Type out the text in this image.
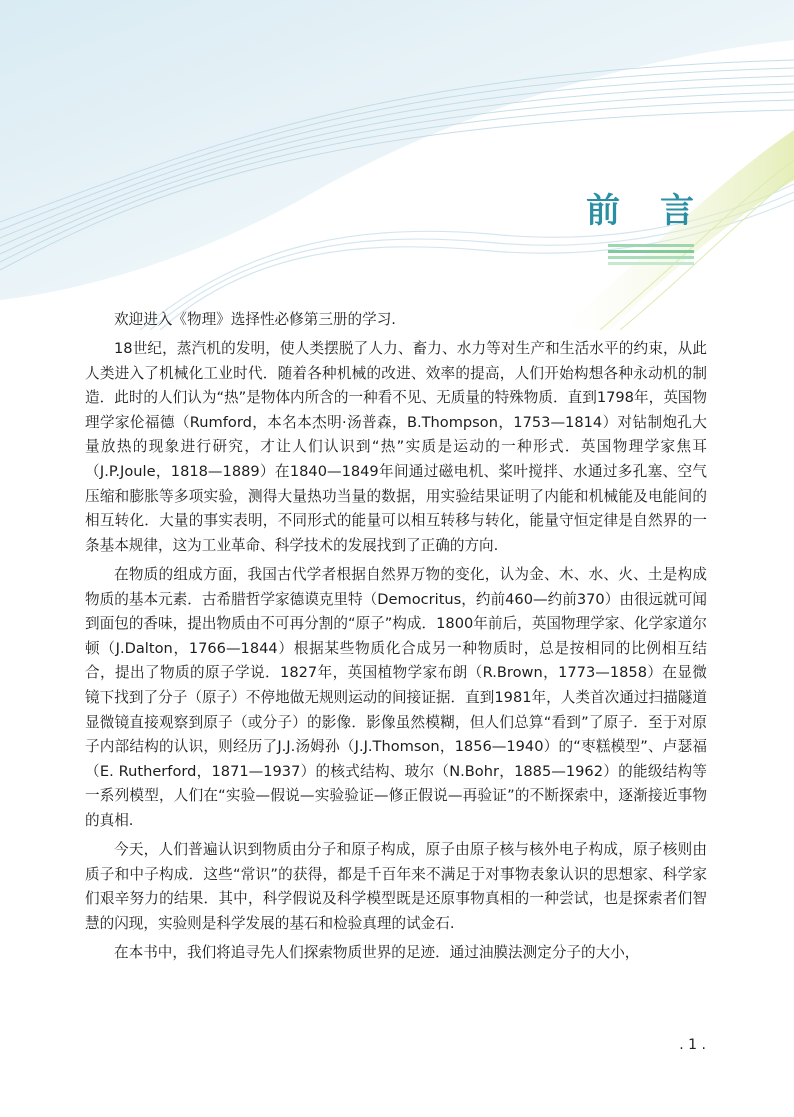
前 言

欢迎进入《物理》选择性必修第三册的学习.

18世纪，蒸汽机的发明，使人类摆脱了人力、畜力、水力等对生产和生活水平的约束，从此人类进入了机械化工业时代．随着各种机械的改进、效率的提高，人们开始构想各种永动机的制造．此时的人们认为“热”是物体内所含的一种看不见、无质量的特殊物质．直到1798年，英国物理学家伦福德（Rumford，本名本杰明·汤普森，B.Thompson，1753—1814）对钻制炮孔大量放热的现象进行研究，才让人们认识到“热”实质是运动的一种形式．英国物理学家焦耳（J.P.Joule，1818—1889）在1840—1849年间通过磁电机、桨叶搅拌、水通过多孔塞、空气压缩和膨胀等多项实验，测得大量热功当量的数据，用实验结果证明了内能和机械能及电能间的相互转化．大量的事实表明，不同形式的能量可以相互转移与转化，能量守恒定律是自然界的一条基本规律，这为工业革命、科学技术的发展找到了正确的方向.

在物质的组成方面，我国古代学者根据自然界万物的变化，认为金、木、水、火、土是构成物质的基本元素．古希腊哲学家德谟克里特（Democritus，约前460—约前370）由很远就可闻到面包的香味，提出物质由不可再分割的“原子”构成．1800年前后，英国物理学家、化学家道尔顿（J.Dalton，1766—1844）根据某些物质化合成另一种物质时，总是按相同的比例相互结合，提出了物质的原子学说．1827年，英国植物学家布朗（R.Brown，1773—1858）在显微镜下找到了分子（原子）不停地做无规则运动的间接证据．直到1981年，人类首次通过扫描隧道显微镜直接观察到原子（或分子）的影像．影像虽然模糊，但人们总算“看到”了原子．至于对原子内部结构的认识，则经历了J.J.汤姆孙（J.J.Thomson，1856—1940）的“枣糕模型”、卢瑟福（E. Rutherford，1871—1937）的核式结构、玻尔（N.Bohr，1885—1962）的能级结构等一系列模型，人们在“实验—假说—实验验证—修正假说—再验证”的不断探索中，逐渐接近事物的真相.

今天，人们普遍认识到物质由分子和原子构成，原子由原子核与核外电子构成，原子核则由质子和中子构成．这些“常识”的获得，都是千百年来不满足于对事物表象认识的思想家、科学家们艰辛努力的结果．其中，科学假说及科学模型既是还原事物真相的一种尝试，也是探索者们智慧的闪现，实验则是科学发展的基石和检验真理的试金石.

在本书中，我们将追寻先人们探索物质世界的足迹．通过油膜法测定分子的大小，

. 1 .
